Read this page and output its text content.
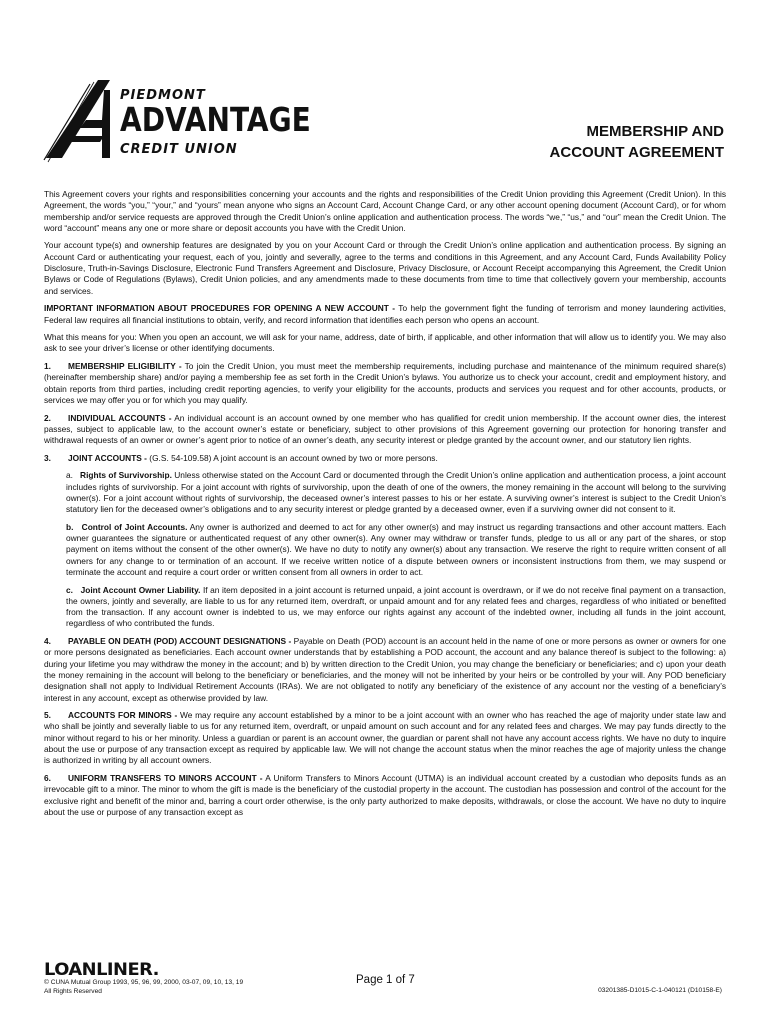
PIEDMONT
ADVANTAGE
CREDIT UNION
MEMBERSHIP AND
ACCOUNT AGREEMENT

This Agreement covers your rights and responsibilities concerning your accounts and the rights and responsibilities of the Credit Union providing this Agreement (Credit Union). In this Agreement, the words “you,” “your,” and “yours” mean anyone who signs an Account Card, Account Change Card, or any other account opening document (Account Card), or for whom membership and/or service requests are approved through the Credit Union’s online application and authentication process. The words “we,” “us,” and “our” mean the Credit Union. The word “account” means any one or more share or deposit accounts you have with the Credit Union.

Your account type(s) and ownership features are designated by you on your Account Card or through the Credit Union’s online application and authentication process. By signing an Account Card or authenticating your request, each of you, jointly and severally, agree to the terms and conditions in this Agreement, and any Account Card, Funds Availability Policy Disclosure, Truth-in-Savings Disclosure, Electronic Fund Transfers Agreement and Disclosure, Privacy Disclosure, or Account Receipt accompanying this Agreement, the Credit Union Bylaws or Code of Regulations (Bylaws), Credit Union policies, and any amendments made to these documents from time to time that collectively govern your membership, accounts and services.

IMPORTANT INFORMATION ABOUT PROCEDURES FOR OPENING A NEW ACCOUNT - To help the government fight the funding of terrorism and money laundering activities, Federal law requires all financial institutions to obtain, verify, and record information that identifies each person who opens an account.

What this means for you: When you open an account, we will ask for your name, address, date of birth, if applicable, and other information that will allow us to identify you. We may also ask to see your driver’s license or other identifying documents.

1. MEMBERSHIP ELIGIBILITY - To join the Credit Union, you must meet the membership requirements, including purchase and maintenance of the minimum required share(s) (hereinafter membership share) and/or paying a membership fee as set forth in the Credit Union’s bylaws. You authorize us to check your account, credit and employment history, and obtain reports from third parties, including credit reporting agencies, to verify your eligibility for the accounts, products and services you request and for other accounts, products, or services we may offer you or for which you may qualify.

2. INDIVIDUAL ACCOUNTS - An individual account is an account owned by one member who has qualified for credit union membership. If the account owner dies, the interest passes, subject to applicable law, to the account owner’s estate or beneficiary, subject to other provisions of this Agreement governing our protection for honoring transfer and withdrawal requests of an owner or owner’s agent prior to notice of an owner’s death, any security interest or pledge granted by the account owner, and our statutory lien rights.

3. JOINT ACCOUNTS - (G.S. 54-109.58) A joint account is an account owned by two or more persons.

a. Rights of Survivorship. Unless otherwise stated on the Account Card or documented through the Credit Union’s online application and authentication process, a joint account includes rights of survivorship. For a joint account with rights of survivorship, upon the death of one of the owners, the money remaining in the account will belong to the surviving owner(s). For a joint account without rights of survivorship, the deceased owner’s interest passes to his or her estate. A surviving owner’s interest is subject to the Credit Union’s statutory lien for the deceased owner’s obligations and to any security interest or pledge granted by a deceased owner, even if a surviving owner did not consent to it.

b. Control of Joint Accounts. Any owner is authorized and deemed to act for any other owner(s) and may instruct us regarding transactions and other account matters. Each owner guarantees the signature or authenticated request of any other owner(s). Any owner may withdraw or transfer funds, pledge to us all or any part of the shares, or stop payment on items without the consent of the other owner(s). We have no duty to notify any owner(s) about any transaction. We reserve the right to require written consent of all owners for any change to or termination of an account. If we receive written notice of a dispute between owners or inconsistent instructions from them, we may suspend or terminate the account and require a court order or written consent from all owners in order to act.

c. Joint Account Owner Liability. If an item deposited in a joint account is returned unpaid, a joint account is overdrawn, or if we do not receive final payment on a transaction, the owners, jointly and severally, are liable to us for any returned item, overdraft, or unpaid amount and for any related fees and charges, regardless of who initiated or benefited from the transaction. If any account owner is indebted to us, we may enforce our rights against any account of the indebted owner, including all funds in the joint account, regardless of who contributed the funds.

4. PAYABLE ON DEATH (POD) ACCOUNT DESIGNATIONS - Payable on Death (POD) account is an account held in the name of one or more persons as owner or owners for one or more persons designated as beneficiaries. Each account owner understands that by establishing a POD account, the account and any balance thereof is subject to the following: a) during your lifetime you may withdraw the money in the account; and b) by written direction to the Credit Union, you may change the beneficiary or beneficiaries; and c) upon your death the money remaining in the account will belong to the beneficiary or beneficiaries, and the money will not be inherited by your heirs or be controlled by your will. Any POD beneficiary designation shall not apply to Individual Retirement Accounts (IRAs). We are not obligated to notify any beneficiary of the existence of any account nor the vesting of a beneficiary’s interest in any account, except as otherwise provided by law.

5. ACCOUNTS FOR MINORS - We may require any account established by a minor to be a joint account with an owner who has reached the age of majority under state law and who shall be jointly and severally liable to us for any returned item, overdraft, or unpaid amount on such account and for any related fees and charges. We may pay funds directly to the minor without regard to his or her minority. Unless a guardian or parent is an account owner, the guardian or parent shall not have any account access rights. We have no duty to inquire about the use or purpose of any transaction except as required by applicable law. We will not change the account status when the minor reaches the age of majority unless the change is authorized in writing by all account owners.

6. UNIFORM TRANSFERS TO MINORS ACCOUNT - A Uniform Transfers to Minors Account (UTMA) is an individual account created by a custodian who deposits funds as an irrevocable gift to a minor. The minor to whom the gift is made is the beneficiary of the custodial property in the account. The custodian has possession and control of the account for the exclusive right and benefit of the minor and, barring a court order otherwise, is the only party authorized to make deposits, withdrawals, or close the account. We have no duty to inquire about the use or purpose of any transaction except as

LOANLINER.
© CUNA Mutual Group 1993, 95, 96, 99, 2000, 03-07, 09, 10, 13, 19
All Rights Reserved
Page 1 of 7
03201385-D1015-C-1-040121 (D10158-E)
